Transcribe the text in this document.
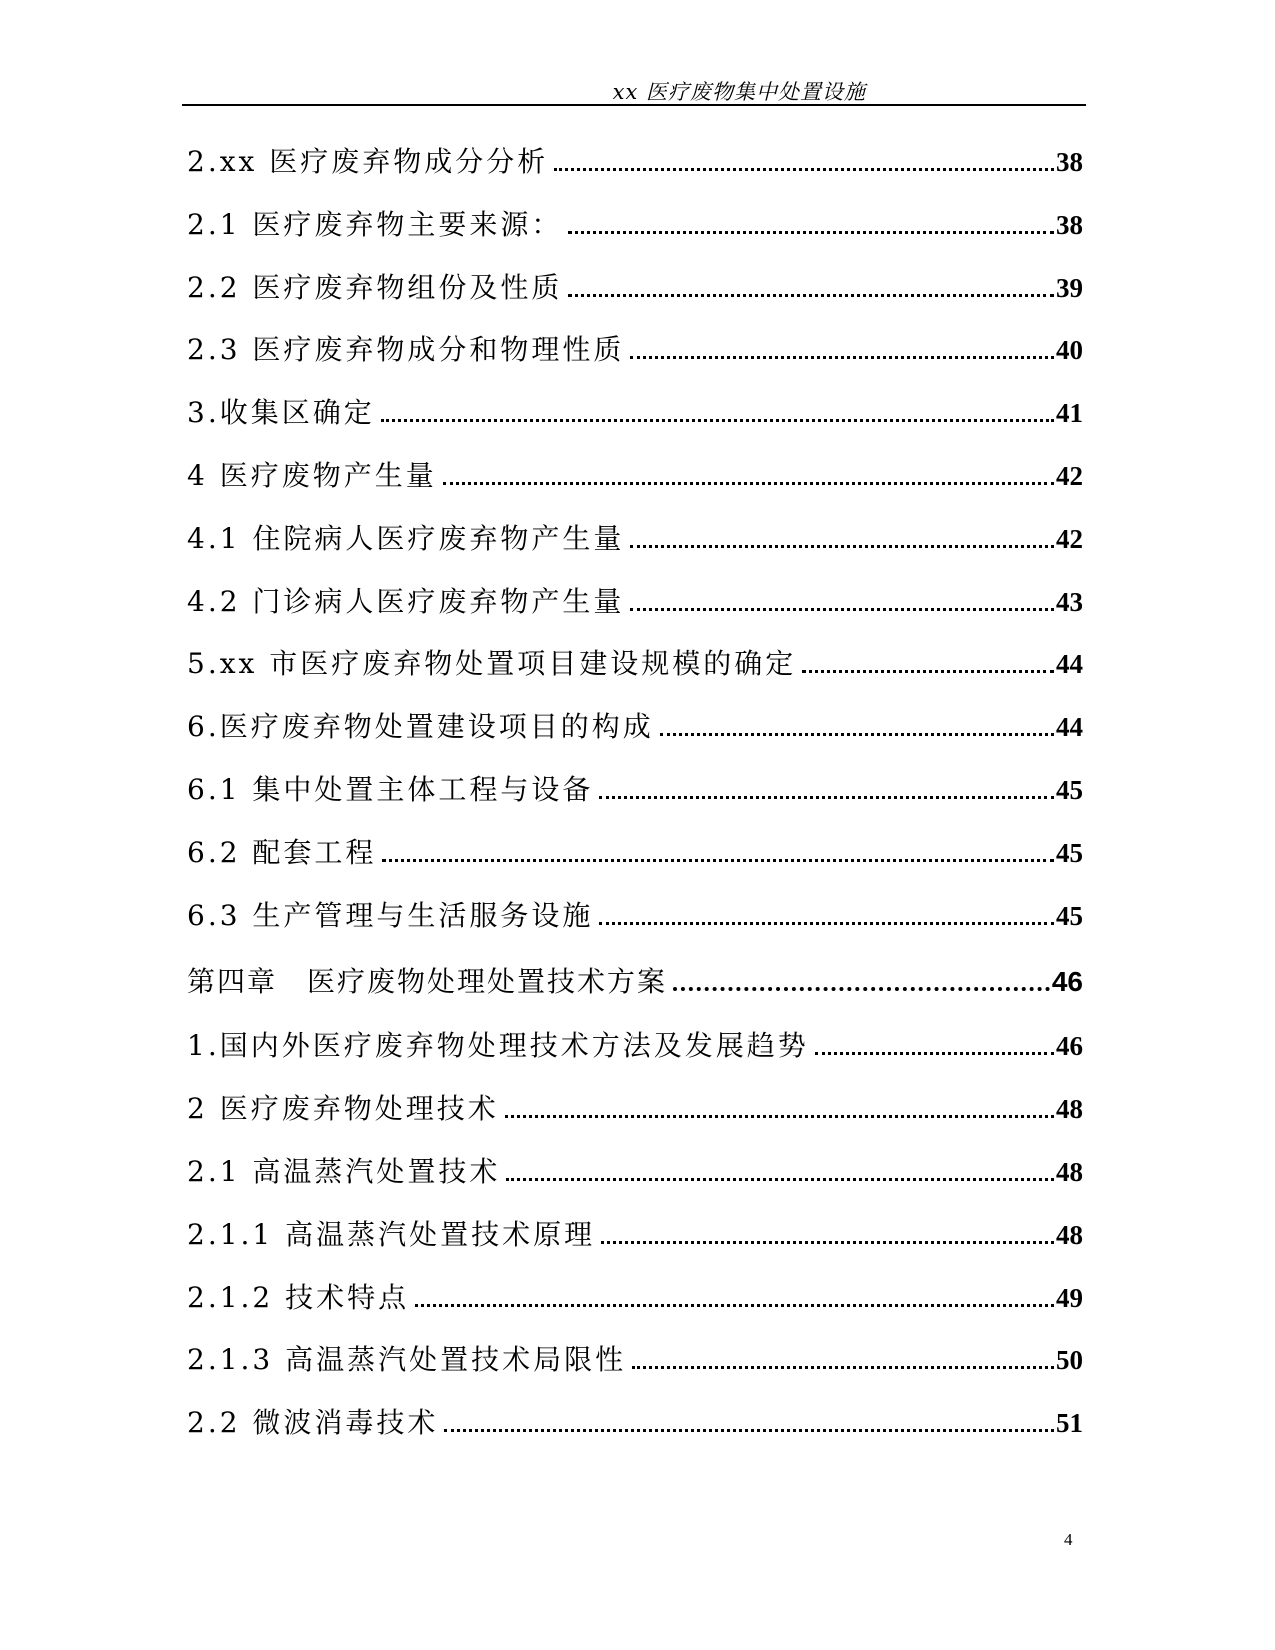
xx 医疗废物集中处置设施
2.xx 医疗废弃物成分分析	38
2.1 医疗废弃物主要来源：	38
2.2 医疗废弃物组份及性质	39
2.3 医疗废弃物成分和物理性质	40
3.收集区确定	41
4 医疗废物产生量	42
4.1 住院病人医疗废弃物产生量	42
4.2 门诊病人医疗废弃物产生量	43
5.xx 市医疗废弃物处置项目建设规模的确定	44
6.医疗废弃物处置建设项目的构成	44
6.1 集中处置主体工程与设备	45
6.2 配套工程	45
6.3 生产管理与生活服务设施	45
第四章　医疗废物处理处置技术方案	46
1.国内外医疗废弃物处理技术方法及发展趋势	46
2 医疗废弃物处理技术	48
2.1 高温蒸汽处置技术	48
2.1.1 高温蒸汽处置技术原理	48
2.1.2 技术特点	49
2.1.3 高温蒸汽处置技术局限性	50
2.2 微波消毒技术	51
4
